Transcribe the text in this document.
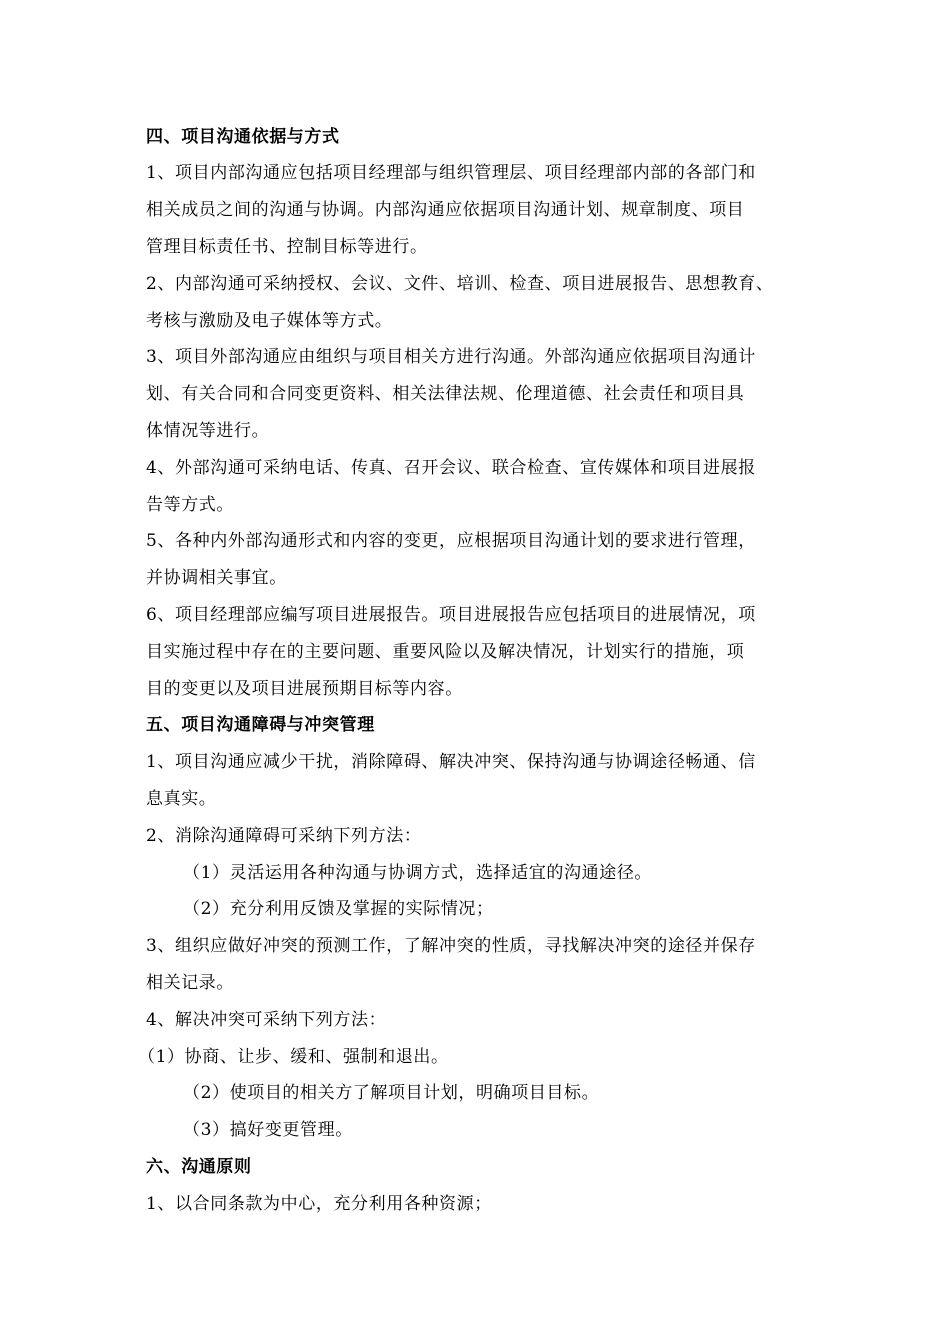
四、项目沟通依据与方式
1、项目内部沟通应包括项目经理部与组织管理层、项目经理部内部的各部门和
相关成员之间的沟通与协调。内部沟通应依据项目沟通计划、规章制度、项目
管理目标责任书、控制目标等进行。
2、内部沟通可采纳授权、会议、文件、培训、检查、项目进展报告、思想教育、
考核与激励及电子媒体等方式。
3、项目外部沟通应由组织与项目相关方进行沟通。外部沟通应依据项目沟通计
划、有关合同和合同变更资料、相关法律法规、伦理道德、社会责任和项目具
体情况等进行。
4、外部沟通可采纳电话、传真、召开会议、联合检查、宣传媒体和项目进展报
告等方式。
5、各种内外部沟通形式和内容的变更，应根据项目沟通计划的要求进行管理，
并协调相关事宜。
6、项目经理部应编写项目进展报告。项目进展报告应包括项目的进展情况，项
目实施过程中存在的主要问题、重要风险以及解决情况，计划实行的措施，项
目的变更以及项目进展预期目标等内容。
五、项目沟通障碍与冲突管理
1、项目沟通应减少干扰，消除障碍、解决冲突、保持沟通与协调途径畅通、信
息真实。
2、消除沟通障碍可采纳下列方法：
（1）灵活运用各种沟通与协调方式，选择适宜的沟通途径。
（2）充分利用反馈及掌握的实际情况；
3、组织应做好冲突的预测工作，了解冲突的性质，寻找解决冲突的途径并保存
相关记录。
4、解决冲突可采纳下列方法：
（1）协商、让步、缓和、强制和退出。
（2）使项目的相关方了解项目计划，明确项目目标。
（3）搞好变更管理。
六、沟通原则
1、以合同条款为中心，充分利用各种资源；
